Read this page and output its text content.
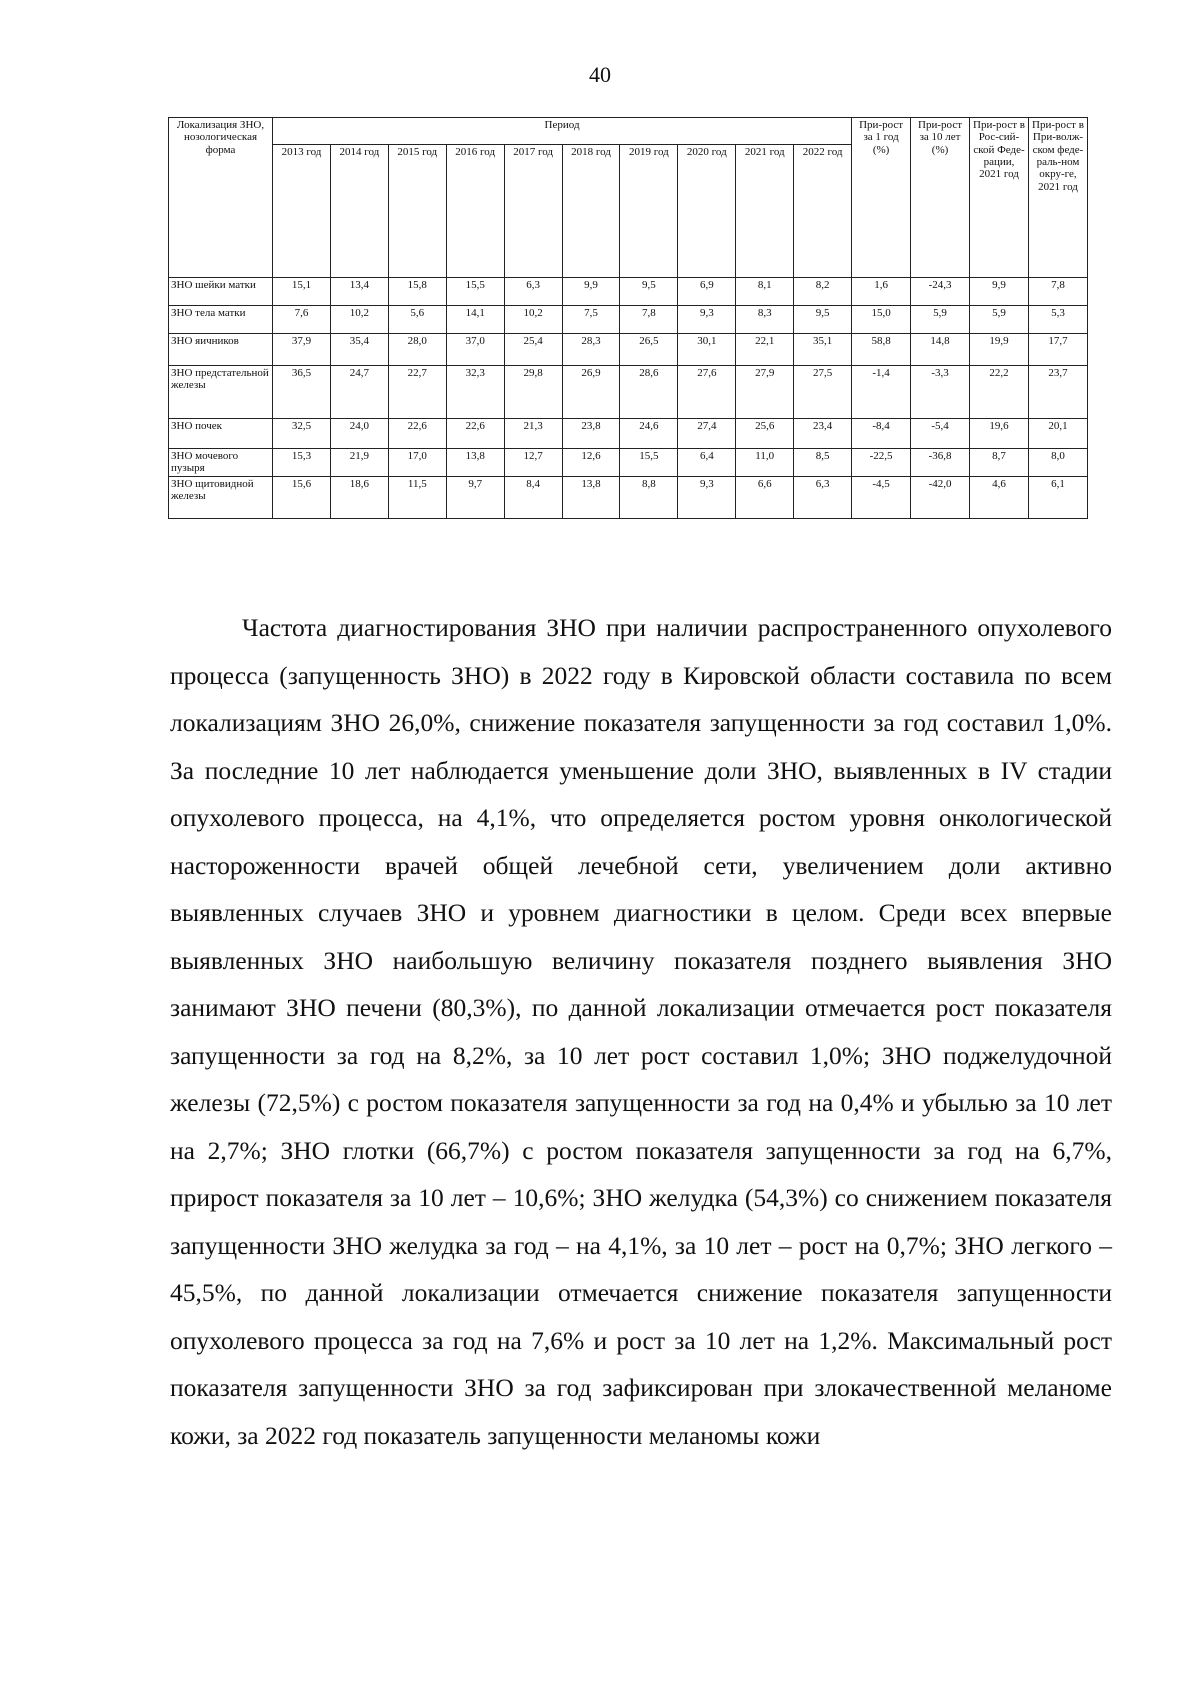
40
Локализация ЗНО, нозологическая форма	Период										При-рост за 1 год (%)	При-рост за 10 лет (%)	При-рост в Рос-сий-ской Феде-рации, 2021 год	При-рост в При-волж-ском феде-раль-ном окру-ге, 2021 год
	2013 год	2014 год	2015 год	2016 год	2017 год	2018 год	2019 год	2020 год	2021 год	2022 год				
ЗНО шейки матки	15,1	13,4	15,8	15,5	6,3	9,9	9,5	6,9	8,1	8,2	1,6	-24,3	9,9	7,8
ЗНО тела матки	7,6	10,2	5,6	14,1	10,2	7,5	7,8	9,3	8,3	9,5	15,0	5,9	5,9	5,3
ЗНО яичников	37,9	35,4	28,0	37,0	25,4	28,3	26,5	30,1	22,1	35,1	58,8	14,8	19,9	17,7
ЗНО предстательной железы	36,5	24,7	22,7	32,3	29,8	26,9	28,6	27,6	27,9	27,5	-1,4	-3,3	22,2	23,7
ЗНО почек	32,5	24,0	22,6	22,6	21,3	23,8	24,6	27,4	25,6	23,4	-8,4	-5,4	19,6	20,1
ЗНО мочевого пузыря	15,3	21,9	17,0	13,8	12,7	12,6	15,5	6,4	11,0	8,5	-22,5	-36,8	8,7	8,0
ЗНО щитовидной железы	15,6	18,6	11,5	9,7	8,4	13,8	8,8	9,3	6,6	6,3	-4,5	-42,0	4,6	6,1

Частота диагностирования ЗНО при наличии распространенного опухолевого процесса (запущенность ЗНО) в 2022 году в Кировской области составила по всем локализациям ЗНО 26,0%, снижение показателя запущенности за год составил 1,0%. За последние 10 лет наблюдается уменьшение доли ЗНО, выявленных в IV стадии опухолевого процесса, на 4,1%, что определяется ростом уровня онкологической настороженности врачей общей лечебной сети, увеличением доли активно выявленных случаев ЗНО и уровнем диагностики в целом. Среди всех впервые выявленных ЗНО наибольшую величину показателя позднего выявления ЗНО занимают ЗНО печени (80,3%), по данной локализации отмечается рост показателя запущенности за год на 8,2%, за 10 лет рост составил 1,0%; ЗНО поджелудочной железы (72,5%) с ростом показателя запущенности за год на 0,4% и убылью за 10 лет на 2,7%; ЗНО глотки (66,7%) с ростом показателя запущенности за год на 6,7%, прирост показателя за 10 лет – 10,6%; ЗНО желудка (54,3%) со снижением показателя запущенности ЗНО желудка за год – на 4,1%, за 10 лет – рост на 0,7%; ЗНО легкого – 45,5%, по данной локализации отмечается снижение показателя запущенности опухолевого процесса за год на 7,6% и рост за 10 лет на 1,2%. Максимальный рост показателя запущенности ЗНО за год зафиксирован при злокачественной меланоме кожи, за 2022 год показатель запущенности меланомы кожи
